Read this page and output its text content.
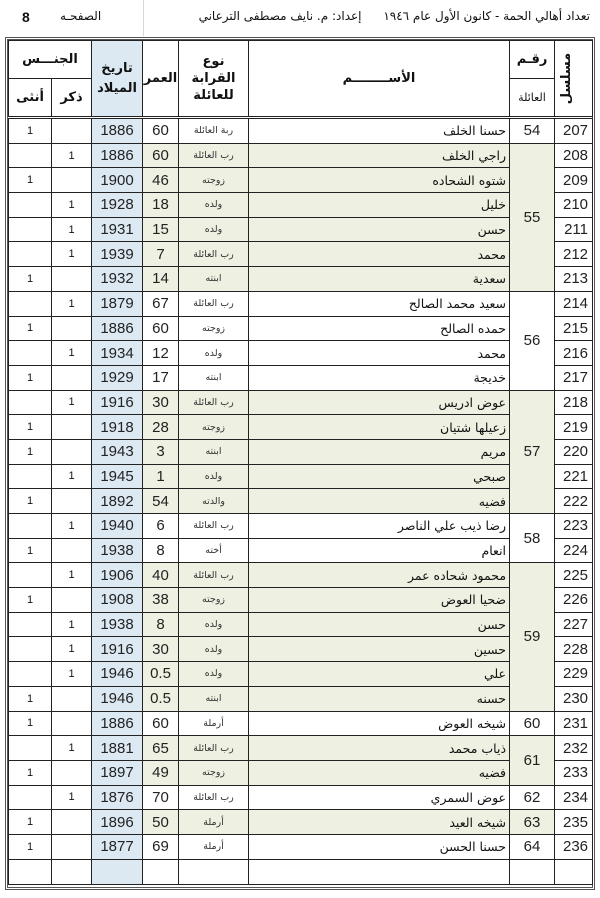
8	الصفحـه	تعداد أهالي الحمة - كانون الأول عام ١٩٤٦ إعداد: م. نايف مصطفى الترعاني
مسلسل	رقـم	الأســــــــم	نوع القرابة للعائلة	العمر	تاريخ الميلاد	الجنـــس	
	العائلة					ذكر	أنثى
207	54	حسنا الخلف	ربة العائلة	60	1886		1
208	55	راجي الخلف	رب العائلة	60	1886	1	
209		شتوه الشحاده	زوجته	46	1900		1
210		خليل	ولده	18	1928	1	
211		حسن	ولده	15	1931	1	
212		محمد	رب العائلة	7	1939	1	
213		سعدية	ابنته	14	1932		1
214	56	سعيد محمد الصالح	رب العائلة	67	1879	1	
215		حمده الصالح	زوجته	60	1886		1
216		محمد	ولده	12	1934	1	
217		خديجة	ابنته	17	1929		1
218	57	عوض ادريس	رب العائلة	30	1916	1	
219		زعيلها شتيان	زوجته	28	1918		1
220		مريم	ابنته	3	1943		1
221		صبحي	ولده	1	1945	1	
222		فضيه	والدته	54	1892		1
223	58	رضا ذيب علي الناصر	رب العائلة	6	1940	1	
224		انعام	أخته	8	1938		1
225	59	محمود شحاده عمر	رب العائلة	40	1906	1	
226		ضحيا العوض	زوجته	38	1908		1
227		حسن	ولده	8	1938	1	
228		حسين	ولده	30	1916	1	
229		علي	ولده	0.5	1946	1	
230		حسنه	ابنته	0.5	1946		1
231	60	شيخه العوض	أرملة	60	1886		1
232	61	ذياب محمد	رب العائلة	65	1881	1	
233		فضيه	زوجته	49	1897		1
234	62	عوض السمري	رب العائلة	70	1876	1	
235	63	شيخه العيد	أرملة	50	1896		1
236	64	حسنا الحسن	أرملة	69	1877		1
